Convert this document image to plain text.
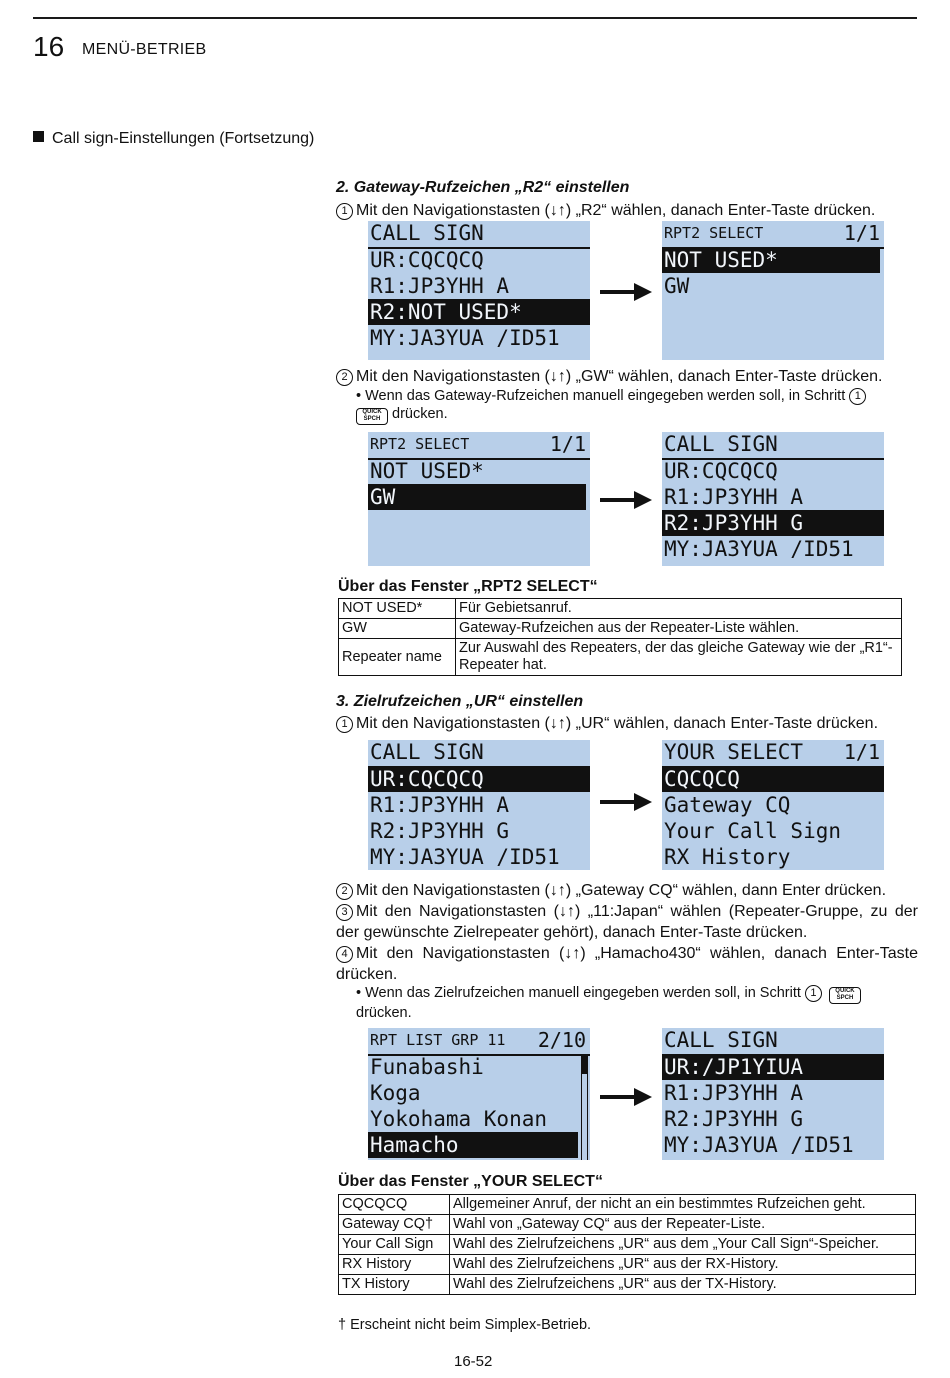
16 MENÜ-BETRIEB
Call sign-Einstellungen (Fortsetzung)
2. Gateway-Rufzeichen „R2“ einstellen
1 Mit den Navigationstasten (↓↑) „R2“ wählen, danach Enter-Taste drücken.
CALL SIGN
UR:CQCQCQ
R1:JP3YHH A
R2:NOT USED*
MY:JA3YUA /ID51
RPT2 SELECT	1/1
NOT USED*
GW
2 Mit den Navigationstasten (↓↑) „GW“ wählen, danach Enter-Taste drücken.
• Wenn das Gateway-Rufzeichen manuell eingegeben werden soll, in Schritt 1
QUICK
SPCH drücken.
RPT2 SELECT	1/1
NOT USED*
GW
CALL SIGN
UR:CQCQCQ
R1:JP3YHH A
R2:JP3YHH G
MY:JA3YUA /ID51
Über das Fenster „RPT2 SELECT“
NOT USED*	Für Gebietsanruf.
GW	Gateway-Rufzeichen aus der Repeater-Liste wählen.
Repeater name	Zur Auswahl des Repeaters, der das gleiche Gateway wie der „R1“-Repeater hat.
3. Zielrufzeichen „UR“ einstellen
1 Mit den Navigationstasten (↓↑) „UR“ wählen, danach Enter-Taste drücken.
CALL SIGN
UR:CQCQCQ
R1:JP3YHH A
R2:JP3YHH G
MY:JA3YUA /ID51
YOUR SELECT 1/1
CQCQCQ
Gateway CQ
Your Call Sign
RX History
2 Mit den Navigationstasten (↓↑) „Gateway CQ“ wählen, dann Enter drücken.
3 Mit den Navigationstasten (↓↑) „11:Japan“ wählen (Repeater-Gruppe, zu der der gewünschte Zielrepeater gehört), danach Enter-Taste drücken.
4 Mit den Navigationstasten (↓↑) „Hamacho430“ wählen, danach Enter-Taste drücken.
• Wenn das Zielrufzeichen manuell eingegeben werden soll, in Schritt 1	QUICK
SPCH
drücken.
RPT LIST GRP 11 2/10
Funabashi
Koga
Yokohama Konan
Hamacho
CALL SIGN
UR:/JP1YIUA
R1:JP3YHH A
R2:JP3YHH G
MY:JA3YUA /ID51
Über das Fenster „YOUR SELECT“
CQCQCQ	Allgemeiner Anruf, der nicht an ein bestimmtes Rufzeichen geht.
Gateway CQ†	Wahl von „Gateway CQ“ aus der Repeater-Liste.
Your Call Sign	Wahl des Zielrufzeichens „UR“ aus dem „Your Call Sign“-Speicher.
RX History	Wahl des Zielrufzeichens „UR“ aus der RX-History.
TX History	Wahl des Zielrufzeichens „UR“ aus der TX-History.
† Erscheint nicht beim Simplex-Betrieb.
16-52
